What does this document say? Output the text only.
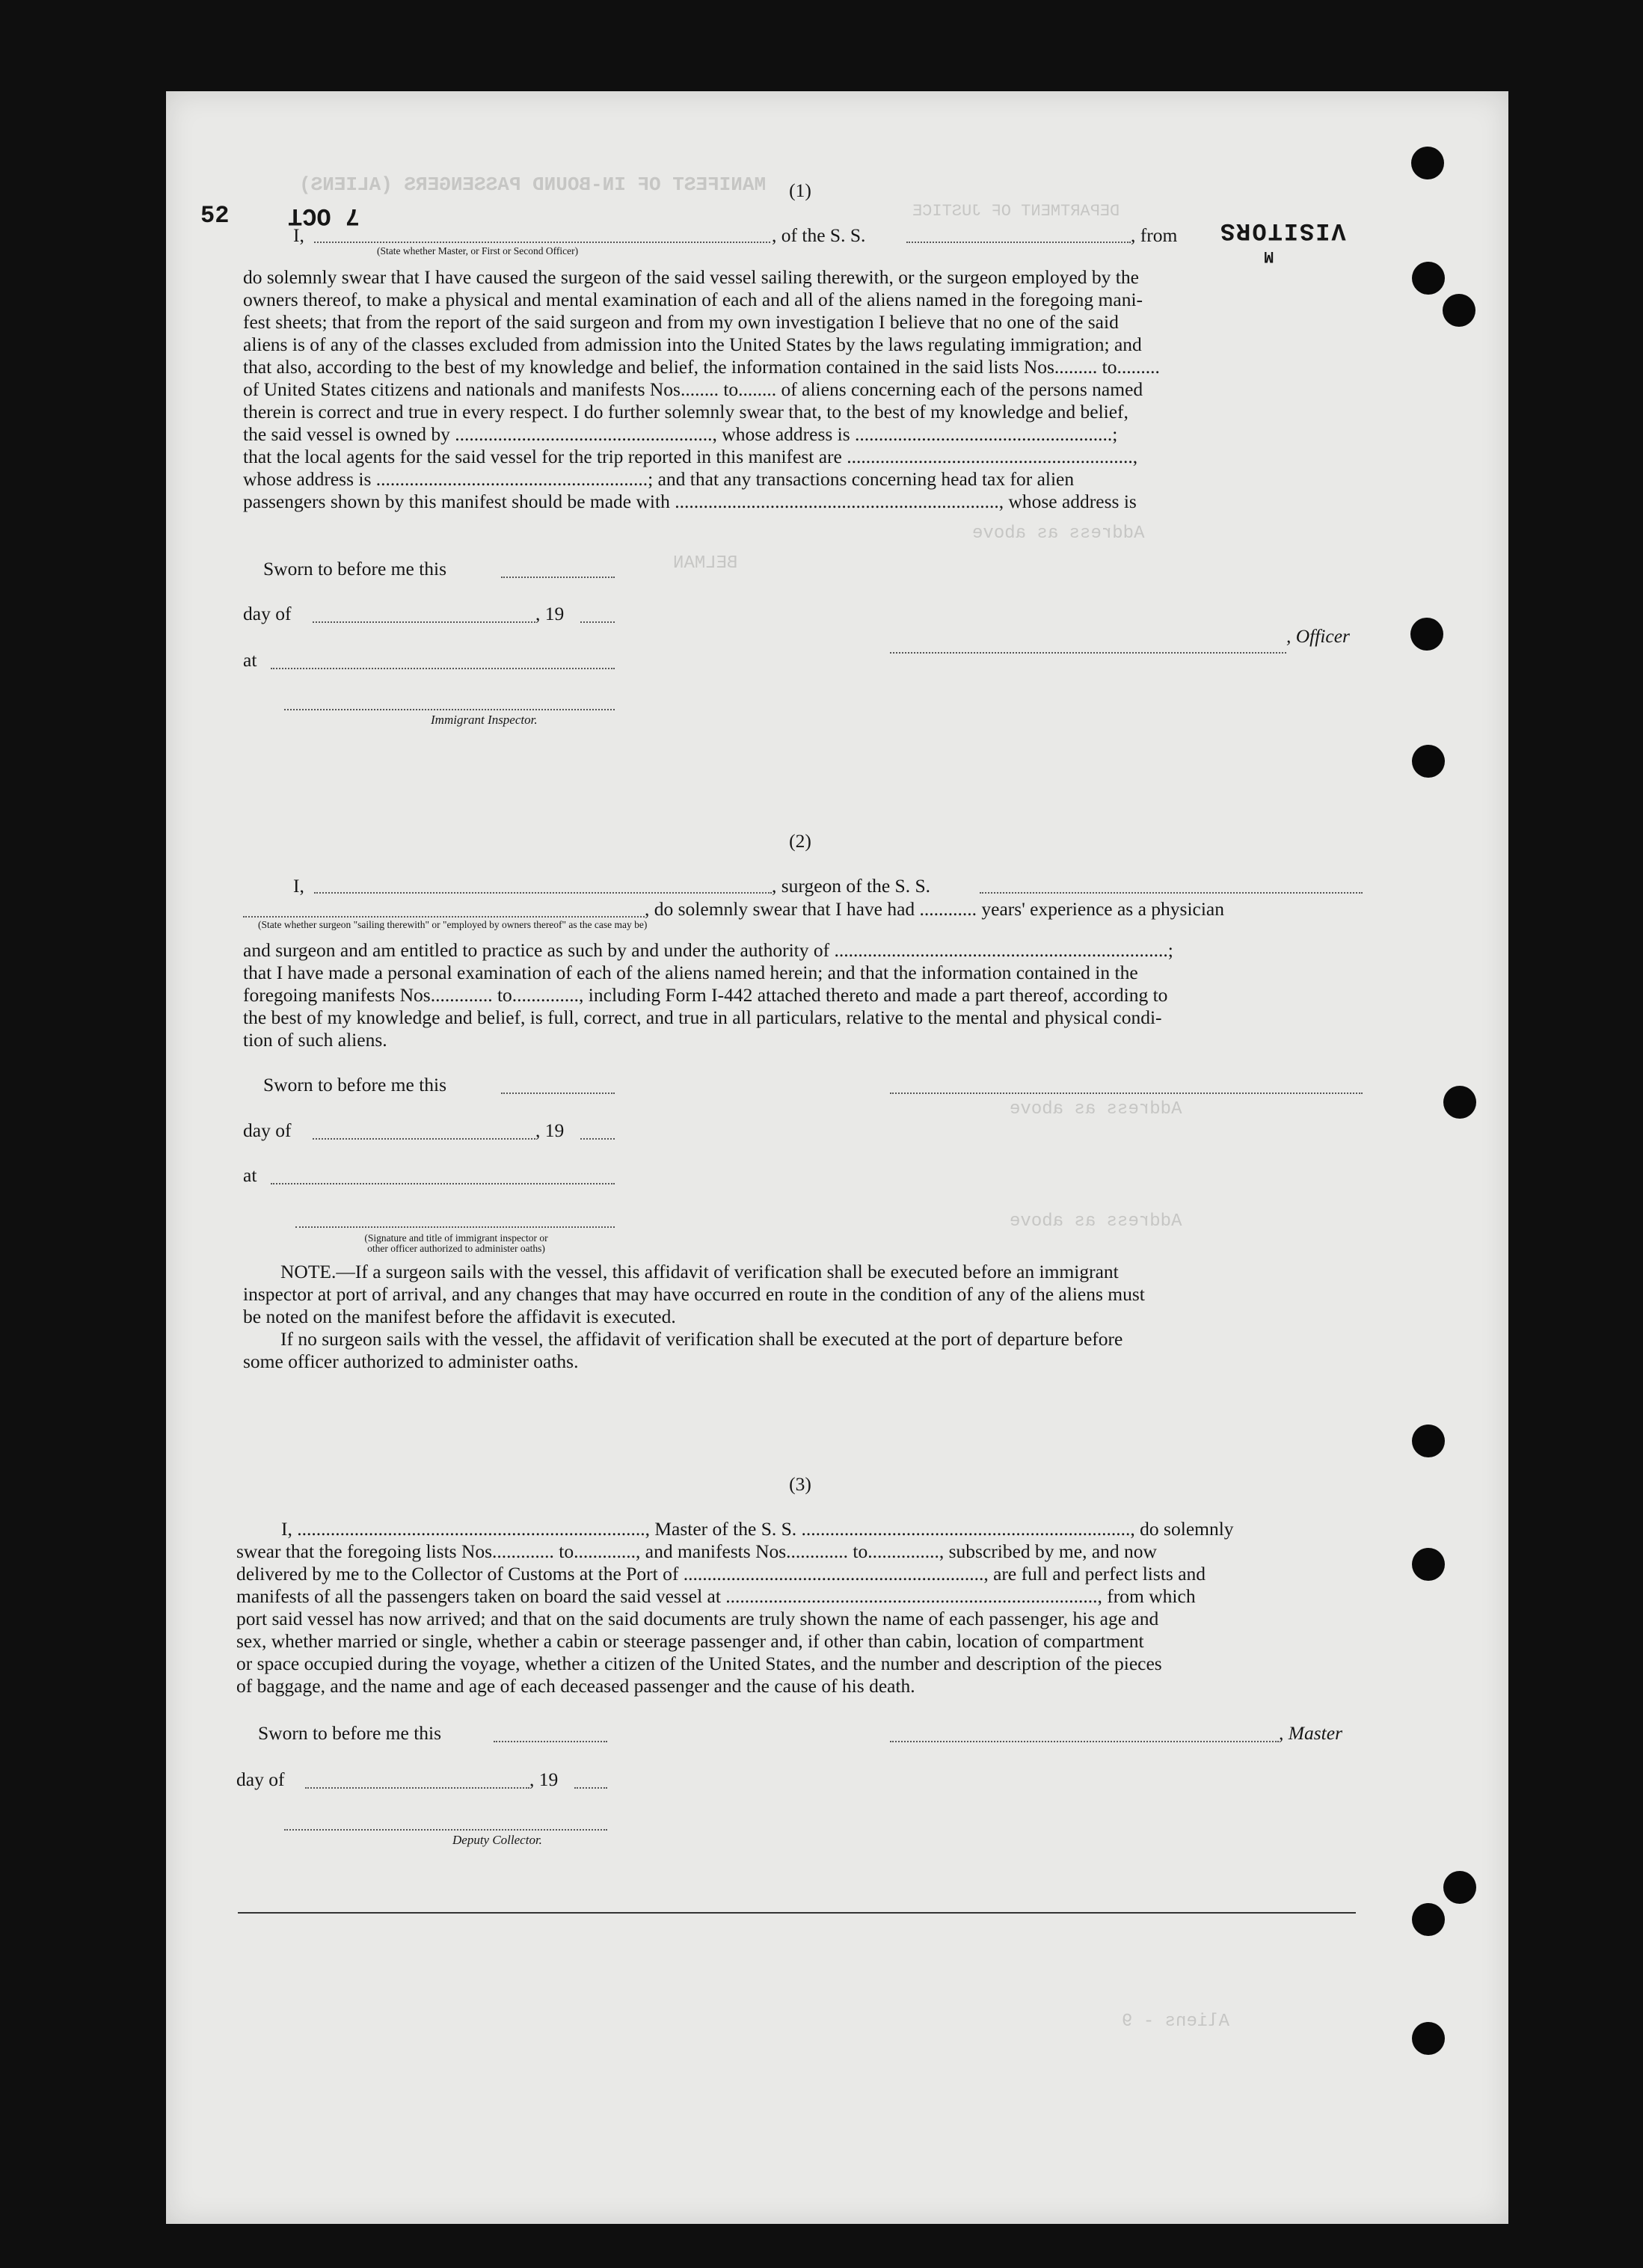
MANIFEST OF IN-BOUND PASSENGERS (ALIENS)
DEPARTMENT OF JUSTICE
Address as above
BELMAN
Address as above
Address as above
Aliens - 9
7 OCT
52
VISITORS
M
(1)
I,	, of the S. S.	, from
(State whether Master, or First or Second Officer)
do solemnly swear that I have caused the surgeon of the said vessel sailing therewith, or the surgeon employed by the
owners thereof, to make a physical and mental examination of each and all of the aliens named in the foregoing mani-
fest sheets; that from the report of the said surgeon and from my own investigation I believe that no one of the said
aliens is of any of the classes excluded from admission into the United States by the laws regulating immigration; and
that also, according to the best of my knowledge and belief, the information contained in the said lists Nos......... to.........
of United States citizens and nationals and manifests Nos........ to........ of aliens concerning each of the persons named
therein is correct and true in every respect. I do further solemnly swear that, to the best of my knowledge and belief,
the said vessel is owned by ......................................................, whose address is ......................................................;
that the local agents for the said vessel for the trip reported in this manifest are ............................................................,
whose address is .........................................................; and that any transactions concerning head tax for alien
passengers shown by this manifest should be made with ...................................................................., whose address is
Sworn to before me this
day of	, 19
at
Immigrant Inspector.
, Officer
(2)
I,	, surgeon of the S. S.
, do solemnly swear that I have had ............ years' experience as a physician
(State whether surgeon "sailing therewith" or "employed by owners thereof" as the case may be)
and surgeon and am entitled to practice as such by and under the authority of ......................................................................;
that I have made a personal examination of each of the aliens named herein; and that the information contained in the
foregoing manifests Nos............. to.............., including Form I-442 attached thereto and made a part thereof, according to
the best of my knowledge and belief, is full, correct, and true in all particulars, relative to the mental and physical condi-
tion of such aliens.
Sworn to before me this
day of	, 19
at
(Signature and title of immigrant inspector or
other officer authorized to administer oaths)
NOTE.—If a surgeon sails with the vessel, this affidavit of verification shall be executed before an immigrant
inspector at port of arrival, and any changes that may have occurred en route in the condition of any of the aliens must
be noted on the manifest before the affidavit is executed.
If no surgeon sails with the vessel, the affidavit of verification shall be executed at the port of departure before
some officer authorized to administer oaths.
(3)
I, ........................................................................., Master of the S. S. ....................................................................., do solemnly
swear that the foregoing lists Nos............. to............., and manifests Nos............. to..............., subscribed by me, and now
delivered by me to the Collector of Customs at the Port of ..............................................................., are full and perfect lists and
manifests of all the passengers taken on board the said vessel at .............................................................................., from which
port said vessel has now arrived; and that on the said documents are truly shown the name of each passenger, his age and
sex, whether married or single, whether a cabin or steerage passenger and, if other than cabin, location of compartment
or space occupied during the voyage, whether a citizen of the United States, and the number and description of the pieces
of baggage, and the name and age of each deceased passenger and the cause of his death.
Sworn to before me this
day of	, 19
Deputy Collector.
, Master
